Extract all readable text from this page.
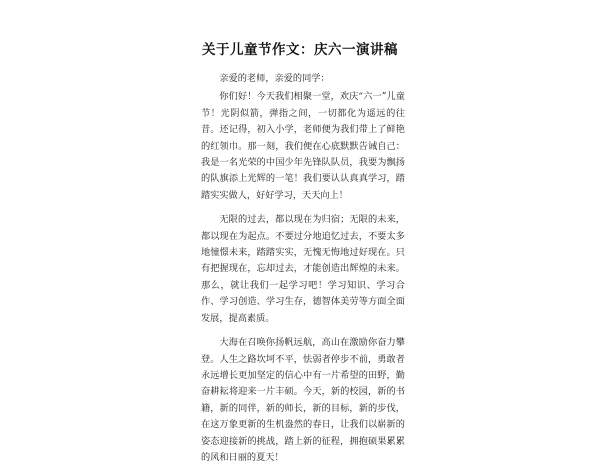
关于儿童节作文：庆六一演讲稿

亲爱的老师，亲爱的同学：

你们好！今天我们相聚一堂，欢庆“六一”儿童节！光阴似箭，弹指之间，一切都化为遥远的往昔。还记得，初入小学，老师便为我们带上了鲜艳的红领巾。那一刻，我们便在心底默默告诫自己：我是一名光荣的中国少年先锋队队员，我要为飘扬的队旗添上光辉的一笔！我们要认认真真学习，踏踏实实做人，好好学习，天天向上！

无限的过去，都以现在为归宿；无限的未来，都以现在为起点。不要过分地追忆过去，不要太多地憧憬未来，踏踏实实，无愧无悔地过好现在。只有把握现在，忘却过去，才能创造出辉煌的未来。那么，就让我们一起学习吧！学习知识、学习合作、学习创造、学习生存，德智体美劳等方面全面发展，提高素质。

大海在召唤你扬帆远航，高山在激励你奋力攀登。人生之路坎坷不平，怯弱者停步不前，勇敢者永远增长更加坚定的信心中有一片希望的田野，勤奋耕耘将迎来一片丰硕。今天，新的校园，新的书籍，新的同伴，新的师长，新的目标，新的步伐，在这万象更新的生机盎然的春日，让我们以崭新的姿态迎接新的挑战，踏上新的征程，拥抱硕果累累的风和日丽的夏天！
